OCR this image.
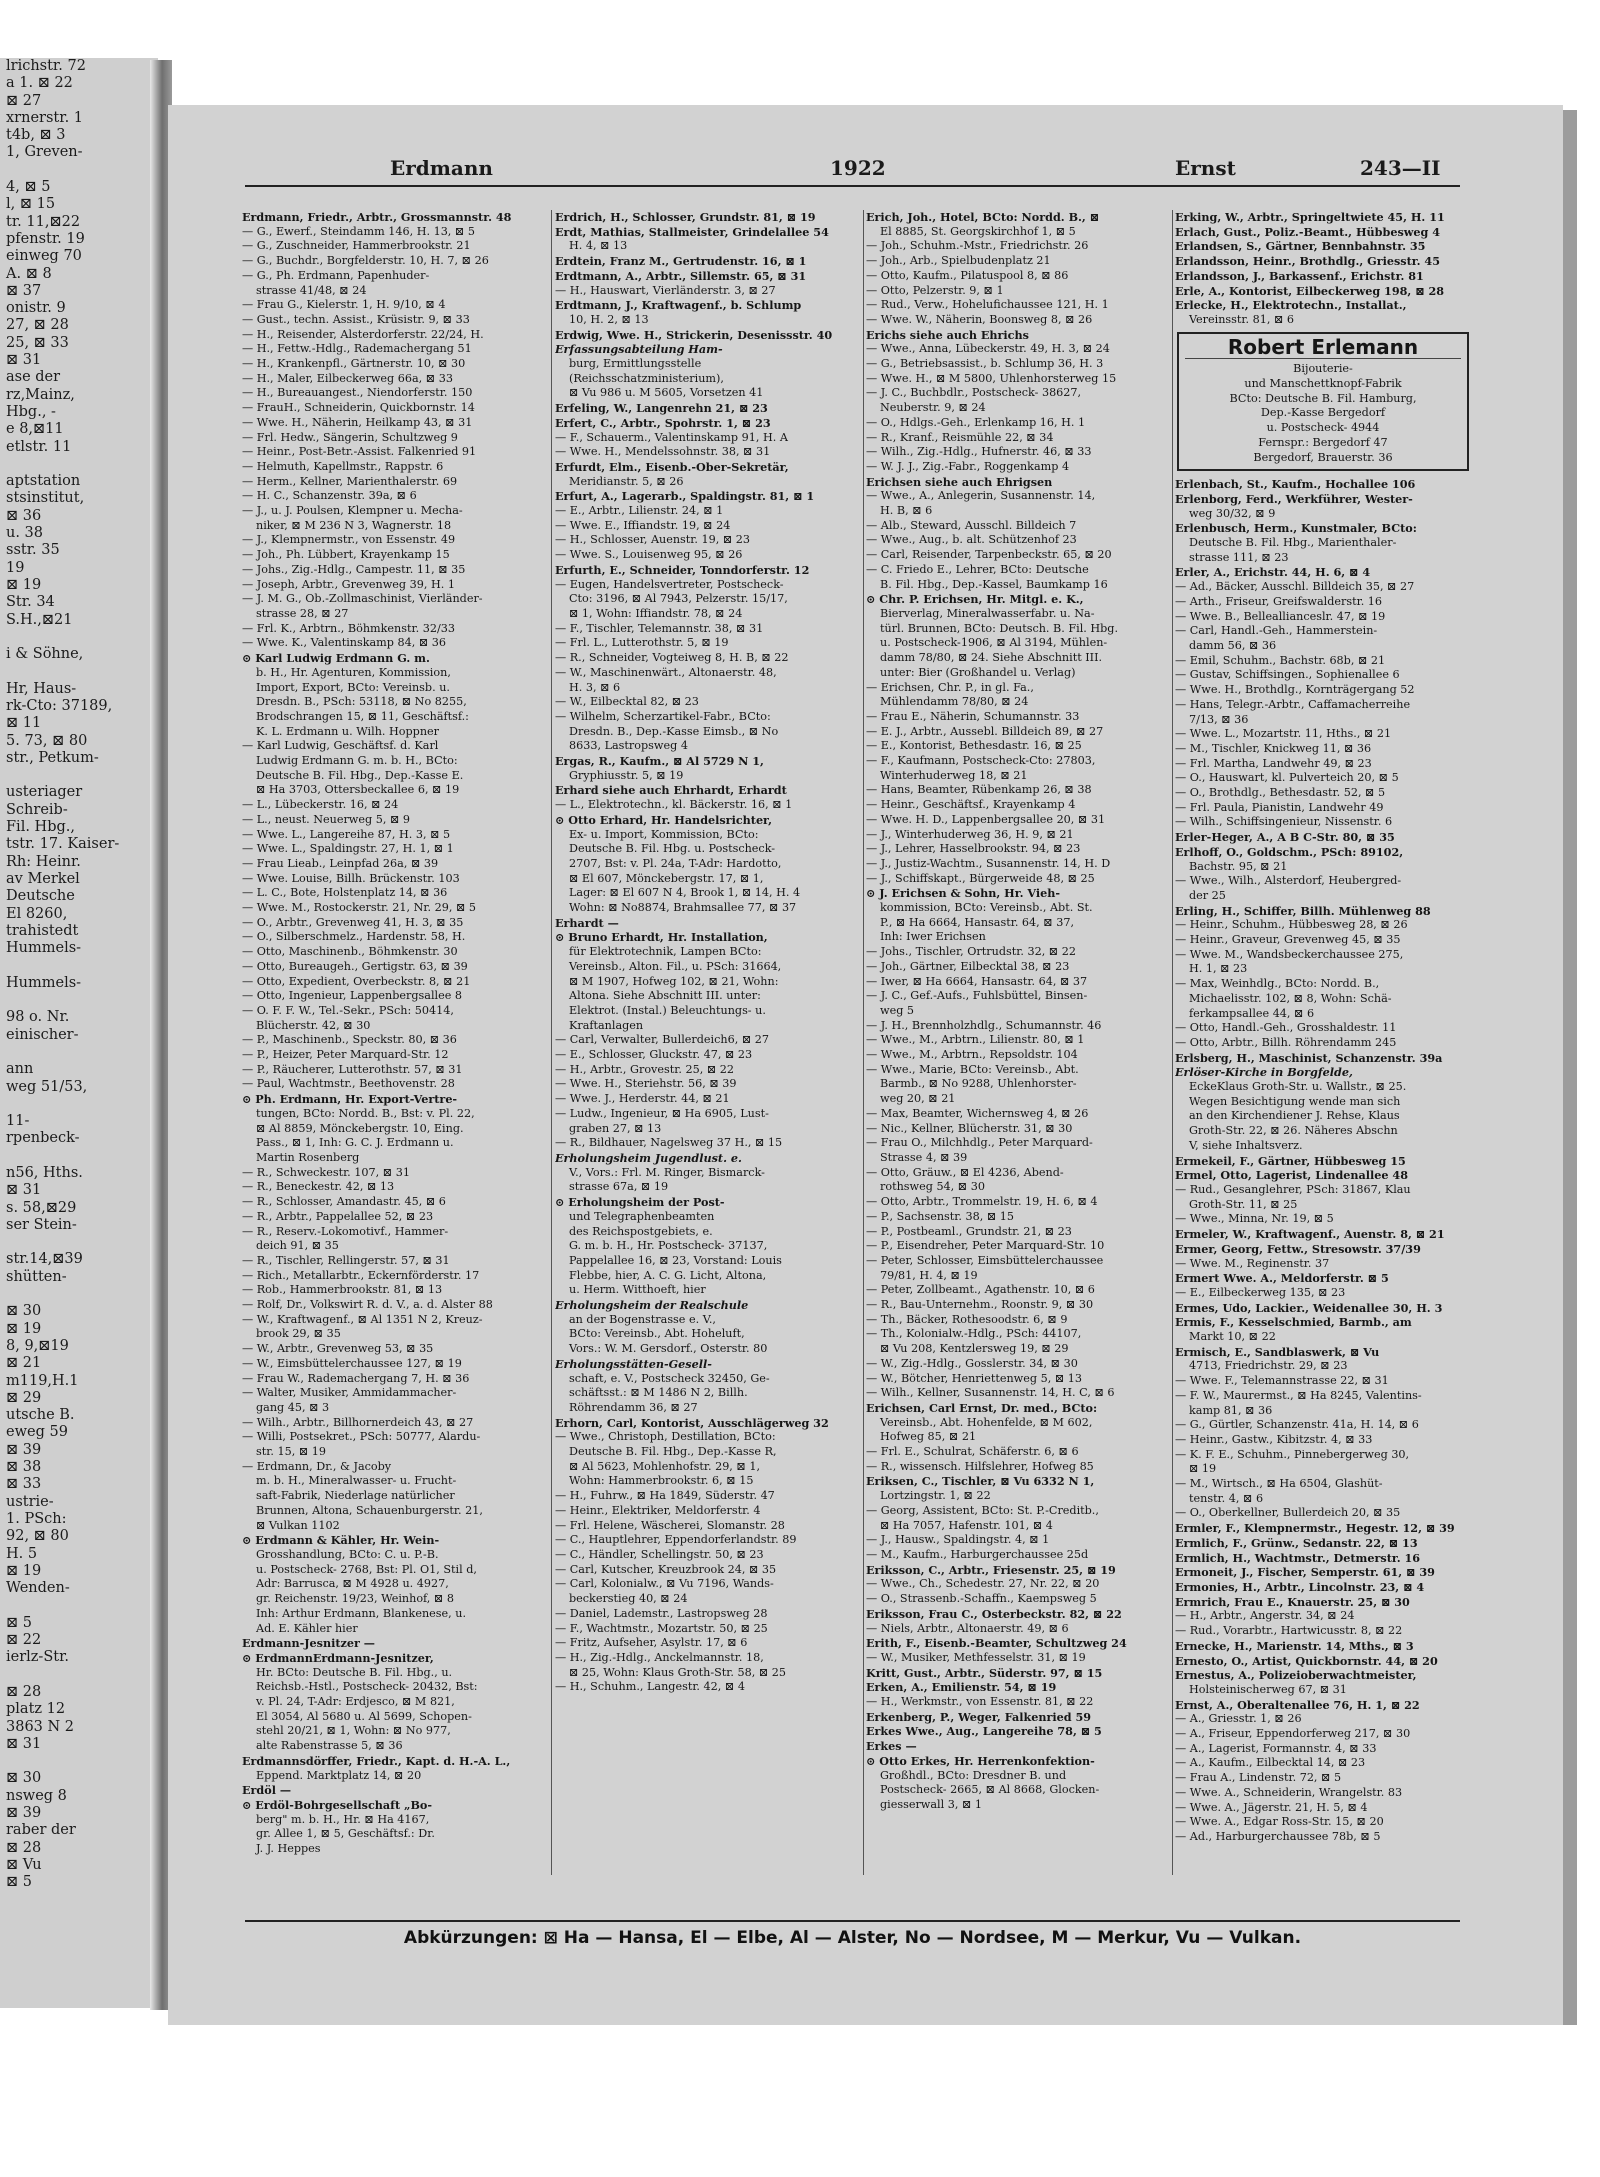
lrichstr. 72
a 1. ⊠ 22
⊠ 27
xrnerstr. 1
t4b, ⊠ 3
1, Greven-

4, ⊠ 5
l, ⊠ 15
tr. 11,⊠22
pfenstr. 19
einweg 70
A. ⊠ 8
⊠ 37
onistr. 9
27, ⊠ 28
25, ⊠ 33
⊠ 31
ase der
rz,Mainz,
Hbg., -
e 8,⊠11
etlstr. 11

aptstation
stsinstitut,
⊠ 36
u. 38
sstr. 35
19
⊠ 19
Str. 34
S.H.,⊠21

i & Söhne,

Hr, Haus-
rk-Cto: 37189,
⊠ 11
5. 73, ⊠ 80
str., Petkum-

usteriager
Schreib-
Fil. Hbg.,
tstr. 17. Kaiser-
Rh: Heinr.
av Merkel
Deutsche
El 8260,
trahistedt
Hummels-

Hummels-

98 o. Nr.
einischer-

ann
weg 51/53,

11-
rpenbeck-

n56, Hths.
⊠ 31
s. 58,⊠29
ser Stein-

str.14,⊠39
shütten-

⊠ 30
⊠ 19
8, 9,⊠19
⊠ 21
m119,H.1
⊠ 29
utsche B.
eweg 59
⊠ 39
⊠ 38
⊠ 33
ustrie-
1. PSch:
92, ⊠ 80
H. 5
⊠ 19
Wenden-

⊠ 5
⊠ 22
ierlz-Str.

⊠ 28
platz 12
3863 N 2
⊠ 31

⊠ 30
nsweg 8
⊠ 39
raber der
⊠ 28
⊠ Vu
⊠ 5
Erdmann	1922	Ernst	243—II
Erdmann, Friedr., Arbtr., Grossmannstr. 48
— G., Ewerf., Steindamm 146, H. 13, ⊠ 5
— G., Zuschneider, Hammerbrookstr. 21
— G., Buchdr., Borgfelderstr. 10, H. 7, ⊠ 26
— G., Ph. Erdmann, Papenhuder-
strasse 41/48, ⊠ 24
— Frau G., Kielerstr. 1, H. 9/10, ⊠ 4
— Gust., techn. Assist., Krüsistr. 9, ⊠ 33
— H., Reisender, Alsterdorferstr. 22/24, H.
— H., Fettw.-Hdlg., Rademachergang 51
— H., Krankenpfl., Gärtnerstr. 10, ⊠ 30
— H., Maler, Eilbeckerweg 66a, ⊠ 33
— H., Bureauangest., Niendorferstr. 150
— FrauH., Schneiderin, Quickbornstr. 14
— Wwe. H., Näherin, Heilkamp 43, ⊠ 31
— Frl. Hedw., Sängerin, Schultzweg 9
— Heinr., Post-Betr.-Assist. Falkenried 91
— Helmuth, Kapellmstr., Rappstr. 6
— Herm., Kellner, Marienthalerstr. 69
— H. C., Schanzenstr. 39a, ⊠ 6
— J., u. J. Poulsen, Klempner u. Mecha-
niker, ⊠ M 236 N 3, Wagnerstr. 18
— J., Klempnermstr., von Essenstr. 49
— Joh., Ph. Lübbert, Krayenkamp 15
— Johs., Zig.-Hdlg., Campestr. 11, ⊠ 35
— Joseph, Arbtr., Grevenweg 39, H. 1
— J. M. G., Ob.-Zollmaschinist, Vierländer-
strasse 28, ⊠ 27
— Frl. K., Arbtrn., Böhmkenstr. 32/33
— Wwe. K., Valentinskamp 84, ⊠ 36
⊙ Karl Ludwig Erdmann G. m.
b. H., Hr. Agenturen, Kommission,
Import, Export, BCto: Vereinsb. u.
Dresdn. B., PSch: 53118, ⊠ No 8255,
Brodschrangen 15, ⊠ 11, Geschäftsf.:
K. L. Erdmann u. Wilh. Hoppner
— Karl Ludwig, Geschäftsf. d. Karl
Ludwig Erdmann G. m. b. H., BCto:
Deutsche B. Fil. Hbg., Dep.-Kasse E.
⊠ Ha 3703, Ottersbeckallee 6, ⊠ 19
— L., Lübeckerstr. 16, ⊠ 24
— L., neust. Neuerweg 5, ⊠ 9
— Wwe. L., Langereihe 87, H. 3, ⊠ 5
— Wwe. L., Spaldingstr. 27, H. 1, ⊠ 1
— Frau Lieab., Leinpfad 26a, ⊠ 39
— Wwe. Louise, Billh. Brückenstr. 103
— L. C., Bote, Holstenplatz 14, ⊠ 36
— Wwe. M., Rostockerstr. 21, Nr. 29, ⊠ 5
— O., Arbtr., Grevenweg 41, H. 3, ⊠ 35
— O., Silberschmelz., Hardenstr. 58, H.
— Otto, Maschinenb., Böhmkenstr. 30
— Otto, Bureaugeh., Gertigstr. 63, ⊠ 39
— Otto, Expedient, Overbeckstr. 8, ⊠ 21
— Otto, Ingenieur, Lappenbergsallee 8
— O. F. F. W., Tel.-Sekr., PSch: 50414,
Blücherstr. 42, ⊠ 30
— P., Maschinenb., Speckstr. 80, ⊠ 36
— P., Heizer, Peter Marquard-Str. 12
— P., Räucherer, Lutterothstr. 57, ⊠ 31
— Paul, Wachtmstr., Beethovenstr. 28
⊙ Ph. Erdmann, Hr. Export-Vertre-
tungen, BCto: Nordd. B., Bst: v. Pl. 22,
⊠ Al 8859, Mönckebergstr. 10, Eing.
Pass., ⊠ 1, Inh: G. C. J. Erdmann u.
Martin Rosenberg
— R., Schweckestr. 107, ⊠ 31
— R., Beneckestr. 42, ⊠ 13
— R., Schlosser, Amandastr. 45, ⊠ 6
— R., Arbtr., Pappelallee 52, ⊠ 23
— R., Reserv.-Lokomotivf., Hammer-
deich 91, ⊠ 35
— R., Tischler, Rellingerstr. 57, ⊠ 31
— Rich., Metallarbtr., Eckernförderstr. 17
— Rob., Hammerbrookstr. 81, ⊠ 13
— Rolf, Dr., Volkswirt R. d. V., a. d. Alster 88
— W., Kraftwagenf., ⊠ Al 1351 N 2, Kreuz-
brook 29, ⊠ 35
— W., Arbtr., Grevenweg 53, ⊠ 35
— W., Eimsbüttelerchaussee 127, ⊠ 19
— Frau W., Rademachergang 7, H. ⊠ 36
— Walter, Musiker, Ammidammacher-
gang 45, ⊠ 3
— Wilh., Arbtr., Billhornerdeich 43, ⊠ 27
— Willi, Postsekret., PSch: 50777, Alardu-
str. 15, ⊠ 19
— Erdmann, Dr., & Jacoby
m. b. H., Mineralwasser- u. Frucht-
saft-Fabrik, Niederlage natürlicher
Brunnen, Altona, Schauenburgerstr. 21,
⊠ Vulkan 1102
⊙ Erdmann & Kähler, Hr. Wein-
Grosshandlung, BCto: C. u. P.-B.
u. Postscheck- 2768, Bst: Pl. O1, Stil d,
Adr: Barrusca, ⊠ M 4928 u. 4927,
gr. Reichenstr. 19/23, Weinhof, ⊠ 8
Inh: Arthur Erdmann, Blankenese, u.
Ad. E. Kähler hier
Erdmann-Jesnitzer —
⊙ ErdmannErdmann-Jesnitzer,
Hr. BCto: Deutsche B. Fil. Hbg., u.
Reichsb.-Hstl., Postscheck- 20432, Bst:
v. Pl. 24, T-Adr: Erdjesco, ⊠ M 821,
El 3054, Al 5680 u. Al 5699, Schopen-
stehl 20/21, ⊠ 1, Wohn: ⊠ No 977,
alte Rabenstrasse 5, ⊠ 36
Erdmannsdörffer, Friedr., Kapt. d. H.-A. L.,
Eppend. Marktplatz 14, ⊠ 20
Erdöl —
⊙ Erdöl-Bohrgesellschaft „Bo-
berg" m. b. H., Hr. ⊠ Ha 4167,
gr. Allee 1, ⊠ 5, Geschäftsf.: Dr.
J. J. Heppes
Erdrich, H., Schlosser, Grundstr. 81, ⊠ 19
Erdt, Mathias, Stallmeister, Grindelallee 54
H. 4, ⊠ 13
Erdtein, Franz M., Gertrudenstr. 16, ⊠ 1
Erdtmann, A., Arbtr., Sillemstr. 65, ⊠ 31
— H., Hauswart, Vierländerstr. 3, ⊠ 27
Erdtmann, J., Kraftwagenf., b. Schlump
10, H. 2, ⊠ 13
Erdwig, Wwe. H., Strickerin, Desenissstr. 40
Erfassungsabteilung Ham-
burg, Ermittlungsstelle
(Reichsschatzministerium),
⊠ Vu 986 u. M 5605, Vorsetzen 41
Erfeling, W., Langenrehn 21, ⊠ 23
Erfert, C., Arbtr., Spohrstr. 1, ⊠ 23
— F., Schauerm., Valentinskamp 91, H. A
— Wwe. H., Mendelssohnstr. 38, ⊠ 31
Erfurdt, Elm., Eisenb.-Ober-Sekretär,
Meridianstr. 5, ⊠ 26
Erfurt, A., Lagerarb., Spaldingstr. 81, ⊠ 1
— E., Arbtr., Lilienstr. 24, ⊠ 1
— Wwe. E., Iffiandstr. 19, ⊠ 24
— H., Schlosser, Auenstr. 19, ⊠ 23
— Wwe. S., Louisenweg 95, ⊠ 26
Erfurth, E., Schneider, Tonndorferstr. 12
— Eugen, Handelsvertreter, Postscheck-
Cto: 3196, ⊠ Al 7943, Pelzerstr. 15/17,
⊠ 1, Wohn: Iffiandstr. 78, ⊠ 24
— F., Tischler, Telemannstr. 38, ⊠ 31
— Frl. L., Lutterothstr. 5, ⊠ 19
— R., Schneider, Vogteiweg 8, H. B, ⊠ 22
— W., Maschinenwärt., Altonaerstr. 48,
H. 3, ⊠ 6
— W., Eilbecktal 82, ⊠ 23
— Wilhelm, Scherzartikel-Fabr., BCto:
Dresdn. B., Dep.-Kasse Eimsb., ⊠ No
8633, Lastropsweg 4
Ergas, R., Kaufm., ⊠ Al 5729 N 1,
Gryphiusstr. 5, ⊠ 19
Erhard siehe auch Ehrhardt, Erhardt
— L., Elektrotechn., kl. Bäckerstr. 16, ⊠ 1
⊙ Otto Erhard, Hr. Handelsrichter,
Ex- u. Import, Kommission, BCto:
Deutsche B. Fil. Hbg. u. Postscheck-
2707, Bst: v. Pl. 24a, T-Adr: Hardotto,
⊠ El 607, Mönckebergstr. 17, ⊠ 1,
Lager: ⊠ El 607 N 4, Brook 1, ⊠ 14, H. 4
Wohn: ⊠ No8874, Brahmsallee 77, ⊠ 37
Erhardt —
⊙ Bruno Erhardt, Hr. Installation,
für Elektrotechnik, Lampen BCto:
Vereinsb., Alton. Fil., u. PSch: 31664,
⊠ M 1907, Hofweg 102, ⊠ 21, Wohn:
Altona. Siehe Abschnitt III. unter:
Elektrot. (Instal.) Beleuchtungs- u.
Kraftanlagen
— Carl, Verwalter, Bullerdeich6, ⊠ 27
— E., Schlosser, Gluckstr. 47, ⊠ 23
— H., Arbtr., Grovestr. 25, ⊠ 22
— Wwe. H., Steriehstr. 56, ⊠ 39
— Wwe. J., Herderstr. 44, ⊠ 21
— Ludw., Ingenieur, ⊠ Ha 6905, Lust-
graben 27, ⊠ 13
— R., Bildhauer, Nagelsweg 37 H., ⊠ 15
Erholungsheim Jugendlust. e.
V., Vors.: Frl. M. Ringer, Bismarck-
strasse 67a, ⊠ 19
⊙ Erholungsheim der Post-
und Telegraphenbeamten
des Reichspostgebiets, e.
G. m. b. H., Hr. Postscheck- 37137,
Pappelallee 16, ⊠ 23, Vorstand: Louis
Flebbe, hier, A. C. G. Licht, Altona,
u. Herm. Witthoeft, hier
Erholungsheim der Realschule
an der Bogenstrasse e. V.,
BCto: Vereinsb., Abt. Hoheluft,
Vors.: W. M. Gersdorf., Osterstr. 80
Erholungsstätten-Gesell-
schaft, e. V., Postscheck 32450, Ge-
schäftsst.: ⊠ M 1486 N 2, Billh.
Röhrendamm 36, ⊠ 27
Erhorn, Carl, Kontorist, Ausschlägerweg 32
— Wwe., Christoph, Destillation, BCto:
Deutsche B. Fil. Hbg., Dep.-Kasse R,
⊠ Al 5623, Mohlenhofstr. 29, ⊠ 1,
Wohn: Hammerbrookstr. 6, ⊠ 15
— H., Fuhrw., ⊠ Ha 1849, Süderstr. 47
— Heinr., Elektriker, Meldorferstr. 4
— Frl. Helene, Wäscherei, Slomanstr. 28
— C., Hauptlehrer, Eppendorferlandstr. 89
— C., Händler, Schellingstr. 50, ⊠ 23
— Carl, Kutscher, Kreuzbrook 24, ⊠ 35
— Carl, Kolonialw., ⊠ Vu 7196, Wands-
beckerstieg 40, ⊠ 24
— Daniel, Lademstr., Lastropsweg 28
— F., Wachtmstr., Mozartstr. 50, ⊠ 25
— Fritz, Aufseher, Asylstr. 17, ⊠ 6
— H., Zig.-Hdlg., Anckelmannstr. 18,
⊠ 25, Wohn: Klaus Groth-Str. 58, ⊠ 25
— H., Schuhm., Langestr. 42, ⊠ 4
Erich, Joh., Hotel, BCto: Nordd. B., ⊠
El 8885, St. Georgskirchhof 1, ⊠ 5
— Joh., Schuhm.-Mstr., Friedrichstr. 26
— Joh., Arb., Spielbudenplatz 21
— Otto, Kaufm., Pilatuspool 8, ⊠ 86
— Otto, Pelzerstr. 9, ⊠ 1
— Rud., Verw., Hohelufichaussee 121, H. 1
— Wwe. W., Näherin, Boonsweg 8, ⊠ 26
Erichs siehe auch Ehrichs
— Wwe., Anna, Lübeckerstr. 49, H. 3, ⊠ 24
— G., Betriebsassist., b. Schlump 36, H. 3
— Wwe. H., ⊠ M 5800, Uhlenhorsterweg 15
— J. C., Buchbdlr., Postscheck- 38627,
Neuberstr. 9, ⊠ 24
— O., Hdlgs.-Geh., Erlenkamp 16, H. 1
— R., Kranf., Reismühle 22, ⊠ 34
— Wilh., Zig.-Hdlg., Hufnerstr. 46, ⊠ 33
— W. J. J., Zig.-Fabr., Roggenkamp 4
Erichsen siehe auch Ehrigsen
— Wwe., A., Anlegerin, Susannenstr. 14,
H. B, ⊠ 6
— Alb., Steward, Ausschl. Billdeich 7
— Wwe., Aug., b. alt. Schützenhof 23
— Carl, Reisender, Tarpenbeckstr. 65, ⊠ 20
— C. Friedo E., Lehrer, BCto: Deutsche
B. Fil. Hbg., Dep.-Kassel, Baumkamp 16
⊙ Chr. P. Erichsen, Hr. Mitgl. e. K.,
Bierverlag, Mineralwasserfabr. u. Na-
türl. Brunnen, BCto: Deutsch. B. Fil. Hbg.
u. Postscheck-1906, ⊠ Al 3194, Mühlen-
damm 78/80, ⊠ 24. Siehe Abschnitt III.
unter: Bier (Großhandel u. Verlag)
— Erichsen, Chr. P., in gl. Fa.,
Mühlendamm 78/80, ⊠ 24
— Frau E., Näherin, Schumannstr. 33
— E. J., Arbtr., Aussebl. Billdeich 89, ⊠ 27
— E., Kontorist, Bethesdastr. 16, ⊠ 25
— F., Kaufmann, Postscheck-Cto: 27803,
Winterhuderweg 18, ⊠ 21
— Hans, Beamter, Rübenkamp 26, ⊠ 38
— Heinr., Geschäftsf., Krayenkamp 4
— Wwe. H. D., Lappenbergsallee 20, ⊠ 31
— J., Winterhuderweg 36, H. 9, ⊠ 21
— J., Lehrer, Hasselbrookstr. 94, ⊠ 23
— J., Justiz-Wachtm., Susannenstr. 14, H. D
— J., Schiffskapt., Bürgerweide 48, ⊠ 25
⊙ J. Erichsen & Sohn, Hr. Vieh-
kommission, BCto: Vereinsb., Abt. St.
P., ⊠ Ha 6664, Hansastr. 64, ⊠ 37,
Inh: Iwer Erichsen
— Johs., Tischler, Ortrudstr. 32, ⊠ 22
— Joh., Gärtner, Eilbecktal 38, ⊠ 23
— Iwer, ⊠ Ha 6664, Hansastr. 64, ⊠ 37
— J. C., Gef.-Aufs., Fuhlsbüttel, Binsen-
weg 5
— J. H., Brennholzhdlg., Schumannstr. 46
— Wwe., M., Arbtrn., Lilienstr. 80, ⊠ 1
— Wwe., M., Arbtrn., Repsoldstr. 104
— Wwe., Marie, BCto: Vereinsb., Abt.
Barmb., ⊠ No 9288, Uhlenhorster-
weg 20, ⊠ 21
— Max, Beamter, Wichernsweg 4, ⊠ 26
— Nic., Kellner, Blücherstr. 31, ⊠ 30
— Frau O., Milchhdlg., Peter Marquard-
Strasse 4, ⊠ 39
— Otto, Gräuw., ⊠ El 4236, Abend-
rothsweg 54, ⊠ 30
— Otto, Arbtr., Trommelstr. 19, H. 6, ⊠ 4
— P., Sachsenstr. 38, ⊠ 15
— P., Postbeaml., Grundstr. 21, ⊠ 23
— P., Eisendreher, Peter Marquard-Str. 10
— Peter, Schlosser, Eimsbüttelerchaussee
79/81, H. 4, ⊠ 19
— Peter, Zollbeamt., Agathenstr. 10, ⊠ 6
— R., Bau-Unternehm., Roonstr. 9, ⊠ 30
— Th., Bäcker, Rothesoodstr. 6, ⊠ 9
— Th., Kolonialw.-Hdlg., PSch: 44107,
⊠ Vu 208, Kentzlersweg 19, ⊠ 29
— W., Zig.-Hdlg., Gosslerstr. 34, ⊠ 30
— W., Bötcher, Henriettenweg 5, ⊠ 13
— Wilh., Kellner, Susannenstr. 14, H. C, ⊠ 6
Erichsen, Carl Ernst, Dr. med., BCto:
Vereinsb., Abt. Hohenfelde, ⊠ M 602,
Hofweg 85, ⊠ 21
— Frl. E., Schulrat, Schäferstr. 6, ⊠ 6
— R., wissensch. Hilfslehrer, Hofweg 85
Eriksen, C., Tischler, ⊠ Vu 6332 N 1,
Lortzingstr. 1, ⊠ 22
— Georg, Assistent, BCto: St. P.-Creditb.,
⊠ Ha 7057, Hafenstr. 101, ⊠ 4
— J., Hausw., Spaldingstr. 4, ⊠ 1
— M., Kaufm., Harburgerchaussee 25d
Eriksson, C., Arbtr., Friesenstr. 25, ⊠ 19
— Wwe., Ch., Schedestr. 27, Nr. 22, ⊠ 20
— O., Strassenb.-Schaffn., Kaempsweg 5
Eriksson, Frau C., Osterbeckstr. 82, ⊠ 22
— Niels, Arbtr., Altonaerstr. 49, ⊠ 6
Erith, F., Eisenb.-Beamter, Schultzweg 24
— W., Musiker, Methfesselstr. 31, ⊠ 19
Kritt, Gust., Arbtr., Süderstr. 97, ⊠ 15
Erken, A., Emilienstr. 54, ⊠ 19
— H., Werkmstr., von Essenstr. 81, ⊠ 22
Erkenberg, P., Weger, Falkenried 59
Erkes Wwe., Aug., Langereihe 78, ⊠ 5
Erkes —
⊙ Otto Erkes, Hr. Herrenkonfektion-
Großhdl., BCto: Dresdner B. und
Postscheck- 2665, ⊠ Al 8668, Glocken-
giesserwall 3, ⊠ 1
Erking, W., Arbtr., Springeltwiete 45, H. 11
Erlach, Gust., Poliz.-Beamt., Hübbesweg 4
Erlandsen, S., Gärtner, Bennbahnstr. 35
Erlandsson, Heinr., Brothdlg., Griesstr. 45
Erlandsson, J., Barkassenf., Erichstr. 81
Erle, A., Kontorist, Eilbeckerweg 198, ⊠ 28
Erlecke, H., Elektrotechn., Installat.,
Vereinsstr. 81, ⊠ 6
Robert Erlemann
Bijouterie-
und Manschettknopf-Fabrik
BCto: Deutsche B. Fil. Hamburg,
Dep.-Kasse Bergedorf
u. Postscheck- 4944
Fernspr.: Bergedorf 47
Bergedorf, Brauerstr. 36
Erlenbach, St., Kaufm., Hochallee 106
Erlenborg, Ferd., Werkführer, Wester-
weg 30/32, ⊠ 9
Erlenbusch, Herm., Kunstmaler, BCto:
Deutsche B. Fil. Hbg., Marienthaler-
strasse 111, ⊠ 23
Erler, A., Erichstr. 44, H. 6, ⊠ 4
— Ad., Bäcker, Ausschl. Billdeich 35, ⊠ 27
— Arth., Friseur, Greifswalderstr. 16
— Wwe. B., Belleallianceslr. 47, ⊠ 19
— Carl, Handl.-Geh., Hammerstein-
damm 56, ⊠ 36
— Emil, Schuhm., Bachstr. 68b, ⊠ 21
— Gustav, Schiffsingen., Sophienallee 6
— Wwe. H., Brothdlg., Kornträgergang 52
— Hans, Telegr.-Arbtr., Caffamacherreihe
7/13, ⊠ 36
— Wwe. L., Mozartstr. 11, Hths., ⊠ 21
— M., Tischler, Knickweg 11, ⊠ 36
— Frl. Martha, Landwehr 49, ⊠ 23
— O., Hauswart, kl. Pulverteich 20, ⊠ 5
— O., Brothdlg., Bethesdastr. 52, ⊠ 5
— Frl. Paula, Pianistin, Landwehr 49
— Wilh., Schiffsingenieur, Nissenstr. 6
Erler-Heger, A., A B C-Str. 80, ⊠ 35
Erlhoff, O., Goldschm., PSch: 89102,
Bachstr. 95, ⊠ 21
— Wwe., Wilh., Alsterdorf, Heubergred-
der 25
Erling, H., Schiffer, Billh. Mühlenweg 88
— Heinr., Schuhm., Hübbesweg 28, ⊠ 26
— Heinr., Graveur, Grevenweg 45, ⊠ 35
— Wwe. M., Wandsbeckerchaussee 275,
H. 1, ⊠ 23
— Max, Weinhdlg., BCto: Nordd. B.,
Michaelisstr. 102, ⊠ 8, Wohn: Schä-
ferkampsallee 44, ⊠ 6
— Otto, Handl.-Geh., Grosshaldestr. 11
— Otto, Arbtr., Billh. Röhrendamm 245
Erlsberg, H., Maschinist, Schanzenstr. 39a
Erlöser-Kirche in Borgfelde,
EckeKlaus Groth-Str. u. Wallstr., ⊠ 25.
Wegen Besichtigung wende man sich
an den Kirchendiener J. Rehse, Klaus
Groth-Str. 22, ⊠ 26. Näheres Abschn
V, siehe Inhaltsverz.
Ermekeil, F., Gärtner, Hübbesweg 15
Ermel, Otto, Lagerist, Lindenallee 48
— Rud., Gesanglehrer, PSch: 31867, Klau
Groth-Str. 11, ⊠ 25
— Wwe., Minna, Nr. 19, ⊠ 5
Ermeler, W., Kraftwagenf., Auenstr. 8, ⊠ 21
Ermer, Georg, Fettw., Stresowstr. 37/39
— Wwe. M., Reginenstr. 37
Ermert Wwe. A., Meldorferstr. ⊠ 5
— E., Eilbeckerweg 135, ⊠ 23
Ermes, Udo, Lackier., Weidenallee 30, H. 3
Ermis, F., Kesselschmied, Barmb., am
Markt 10, ⊠ 22
Ermisch, E., Sandblaswerk, ⊠ Vu
4713, Friedrichstr. 29, ⊠ 23
— Wwe. F., Telemannstrasse 22, ⊠ 31
— F. W., Maurermst., ⊠ Ha 8245, Valentins-
kamp 81, ⊠ 36
— G., Gürtler, Schanzenstr. 41a, H. 14, ⊠ 6
— Heinr., Gastw., Kibitzstr. 4, ⊠ 33
— K. F. E., Schuhm., Pinnebergerweg 30,
⊠ 19
— M., Wirtsch., ⊠ Ha 6504, Glashüt-
tenstr. 4, ⊠ 6
— O., Oberkellner, Bullerdeich 20, ⊠ 35
Ermler, F., Klempnermstr., Hegestr. 12, ⊠ 39
Ermlich, F., Grünw., Sedanstr. 22, ⊠ 13
Ermlich, H., Wachtmstr., Detmerstr. 16
Ermoneit, J., Fischer, Semperstr. 61, ⊠ 39
Ermonies, H., Arbtr., Lincolnstr. 23, ⊠ 4
Ermrich, Frau E., Knauerstr. 25, ⊠ 30
— H., Arbtr., Angerstr. 34, ⊠ 24
— Rud., Vorarbtr., Hartwicusstr. 8, ⊠ 22
Ernecke, H., Marienstr. 14, Mths., ⊠ 3
Ernesto, O., Artist, Quickbornstr. 44, ⊠ 20
Ernestus, A., Polizeioberwachtmeister,
Holsteinischerweg 67, ⊠ 31
Ernst, A., Oberaltenallee 76, H. 1, ⊠ 22
— A., Griesstr. 1, ⊠ 26
— A., Friseur, Eppendorferweg 217, ⊠ 30
— A., Lagerist, Formannstr. 4, ⊠ 33
— A., Kaufm., Eilbecktal 14, ⊠ 23
— Frau A., Lindenstr. 72, ⊠ 5
— Wwe. A., Schneiderin, Wrangelstr. 83
— Wwe. A., Jägerstr. 21, H. 5, ⊠ 4
— Wwe. A., Edgar Ross-Str. 15, ⊠ 20
— Ad., Harburgerchaussee 78b, ⊠ 5
Abkürzungen: ⊠ Ha — Hansa, El — Elbe, Al — Alster, No — Nordsee, M — Merkur, Vu — Vulkan.
